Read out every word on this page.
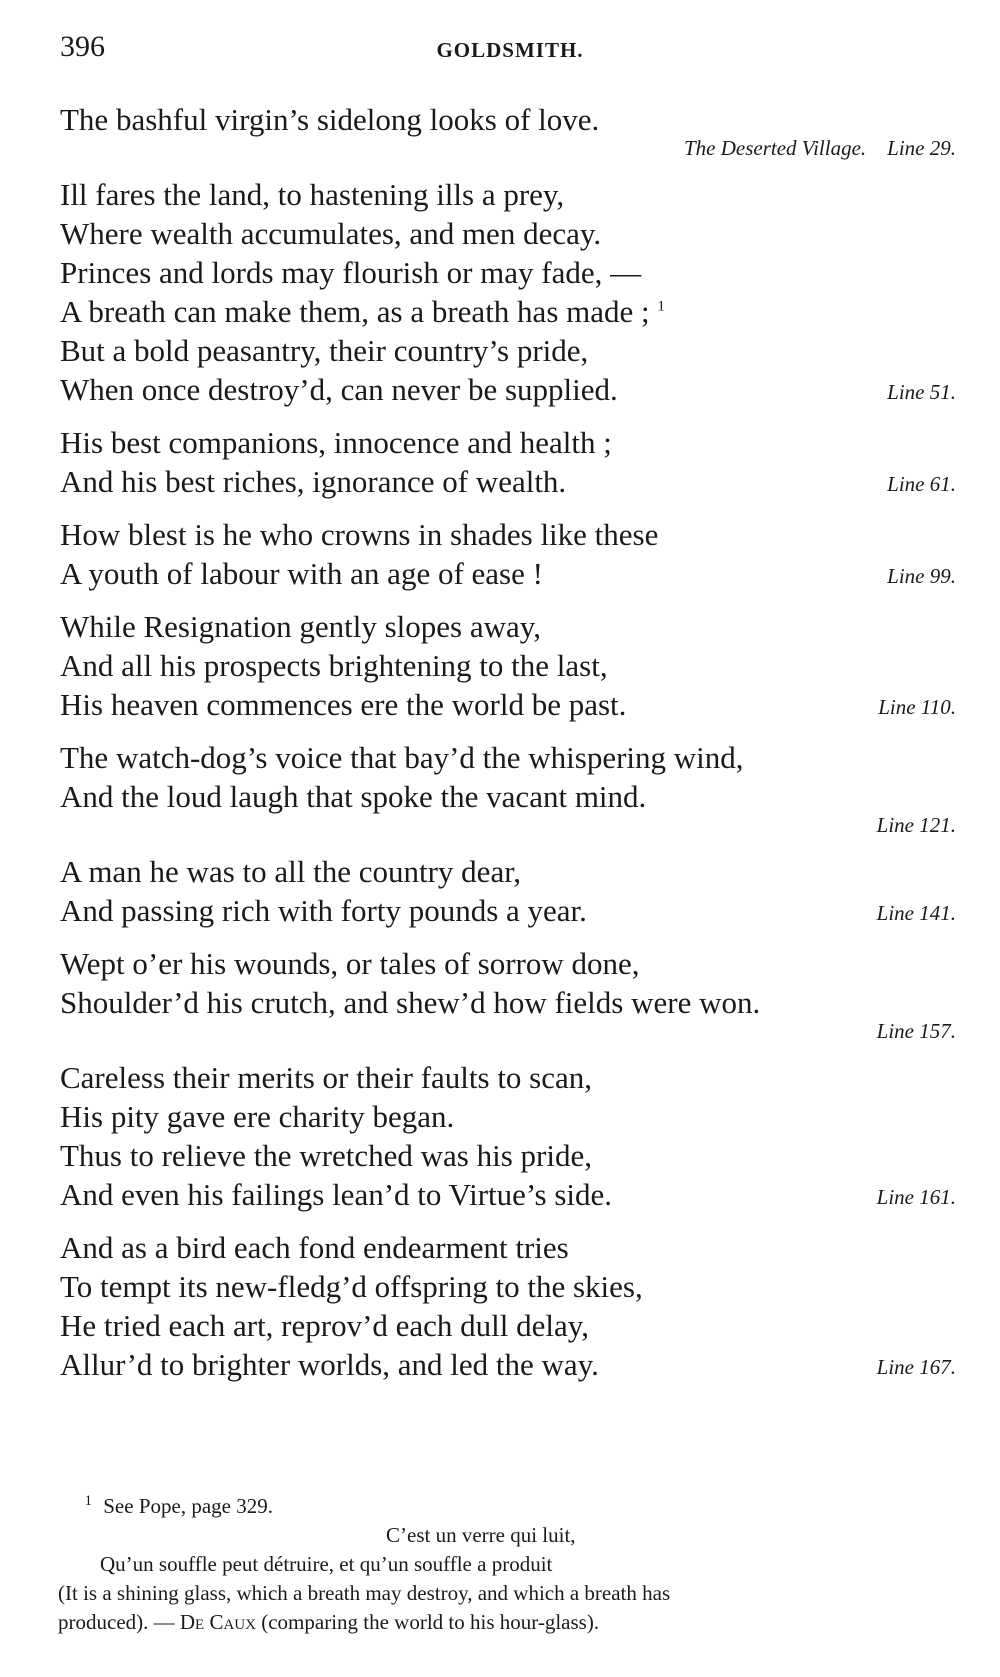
396	GOLDSMITH.
The bashful virgin’s sidelong looks of love.
The Deserted Village. Line 29.
Ill fares the land, to hastening ills a prey,
Where wealth accumulates, and men decay.
Princes and lords may flourish or may fade, —
A breath can make them, as a breath has made ; $^1$
But a bold peasantry, their country’s pride,
When once destroy’d, can never be supplied.	Line 51.
His best companions, innocence and health ;
And his best riches, ignorance of wealth.	Line 61.
How blest is he who crowns in shades like these
A youth of labour with an age of ease !	Line 99.
While Resignation gently slopes away,
And all his prospects brightening to the last,
His heaven commences ere the world be past.	Line 110.
The watch-dog’s voice that bay’d the whispering wind,
And the loud laugh that spoke the vacant mind.
Line 121.
A man he was to all the country dear,
And passing rich with forty pounds a year.	Line 141.
Wept o’er his wounds, or tales of sorrow done,
Shoulder’d his crutch, and shew’d how fields were won.
Line 157.
Careless their merits or their faults to scan,
His pity gave ere charity began.
Thus to relieve the wretched was his pride,
And even his failings lean’d to Virtue’s side.	Line 161.
And as a bird each fond endearment tries
To tempt its new-fledg’d offspring to the skies,
He tried each art, reprov’d each dull delay,
Allur’d to brighter worlds, and led the way.	Line 167.
$^1$ See Pope, page 329.
C’est un verre qui luit,
Qu’un souffle peut détruire, et qu’un souffle a produit
(It is a shining glass, which a breath may destroy, and which a breath has
produced). — De Caux (comparing the world to his hour-glass).
